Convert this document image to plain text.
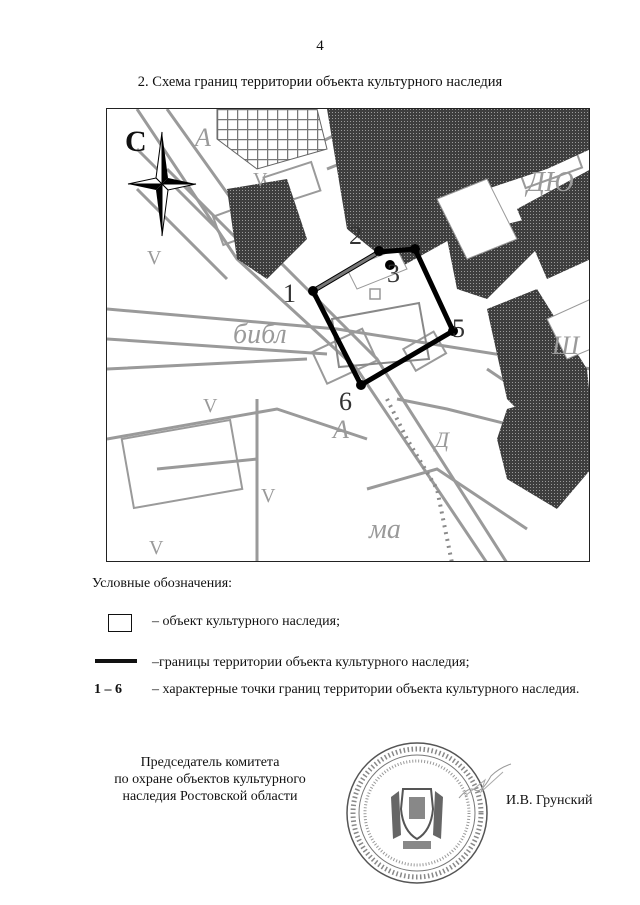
4
2. Схема границ территории объекта культурного наследия
С
1
2
3
5
6
библ
ДЮ
Ш
ма
А
А	Д
V
V
V
V
V
Условные обозначения:
– объект культурного наследия;
–границы территории объекта культурного наследия;
1 – 6 – характерные точки границ территории объекта культурного наследия.
Председатель комитета
по охране объектов культурного
наследия Ростовской области	И.В. Грунский
